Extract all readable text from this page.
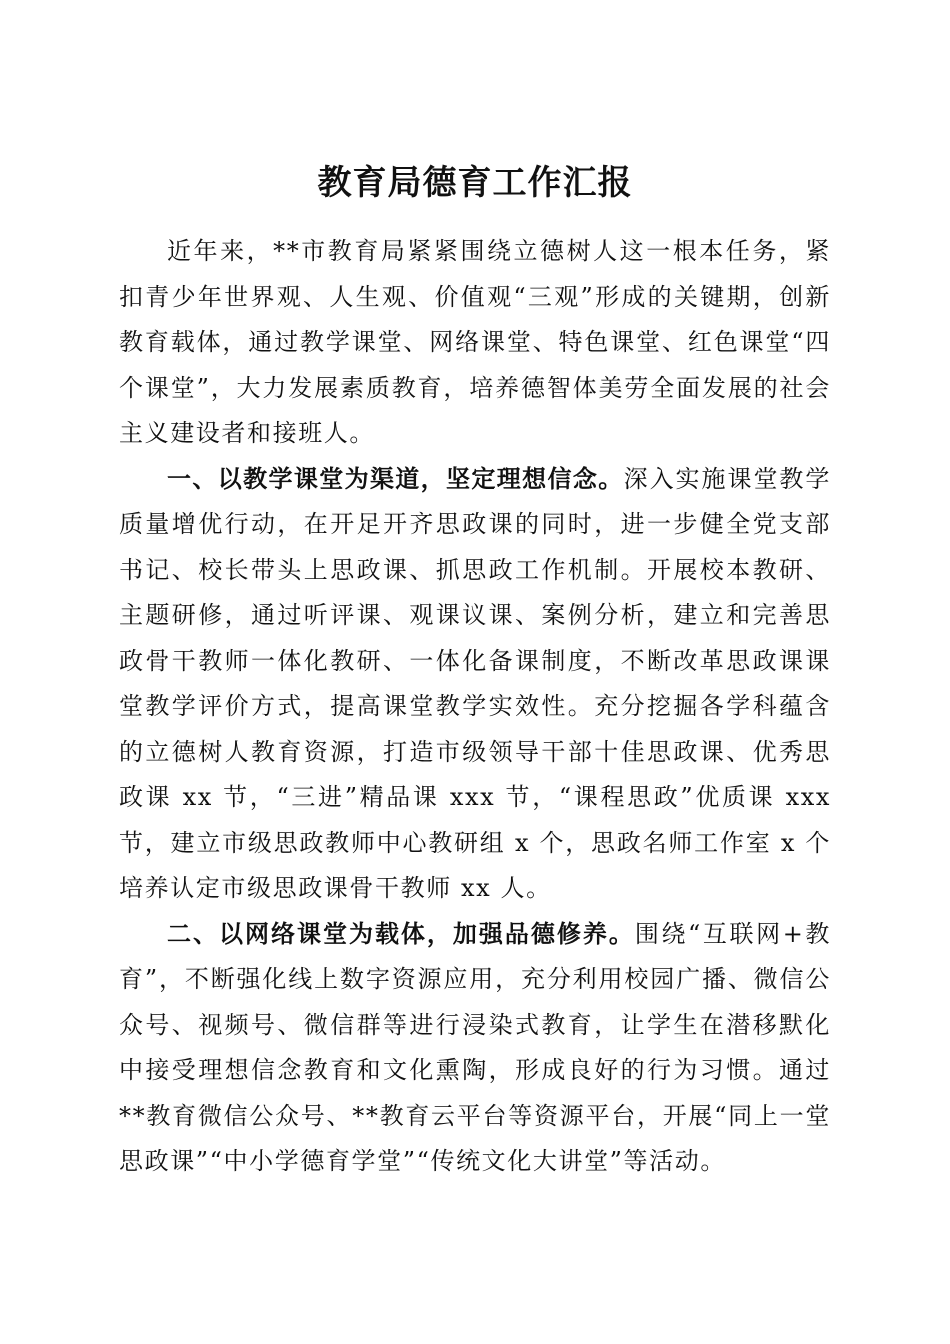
教育局德育工作汇报

近年来，**市教育局紧紧围绕立德树人这一根本任务，紧扣青少年世界观、人生观、价值观“三观”形成的关键期，创新教育载体，通过教学课堂、网络课堂、特色课堂、红色课堂“四个课堂”，大力发展素质教育，培养德智体美劳全面发展的社会主义建设者和接班人。

一、以教学课堂为渠道，坚定理想信念。深入实施课堂教学质量增优行动，在开足开齐思政课的同时，进一步健全党支部书记、校长带头上思政课、抓思政工作机制。开展校本教研、主题研修，通过听评课、观课议课、案例分析，建立和完善思政骨干教师一体化教研、一体化备课制度，不断改革思政课课堂教学评价方式，提高课堂教学实效性。充分挖掘各学科蕴含的立德树人教育资源，打造市级领导干部十佳思政课、优秀思政课 xx 节，“三进”精品课 xxx 节，“课程思政”优质课 xxx 节，建立市级思政教师中心教研组 x 个，思政名师工作室 x 个培养认定市级思政课骨干教师 xx 人。

二、以网络课堂为载体，加强品德修养。围绕“互联网+教育”，不断强化线上数字资源应用，充分利用校园广播、微信公众号、视频号、微信群等进行浸染式教育，让学生在潜移默化中接受理想信念教育和文化熏陶，形成良好的行为习惯。通过**教育微信公众号、**教育云平台等资源平台，开展“同上一堂思政课”“中小学德育学堂”“传统文化大讲堂”等活动。
